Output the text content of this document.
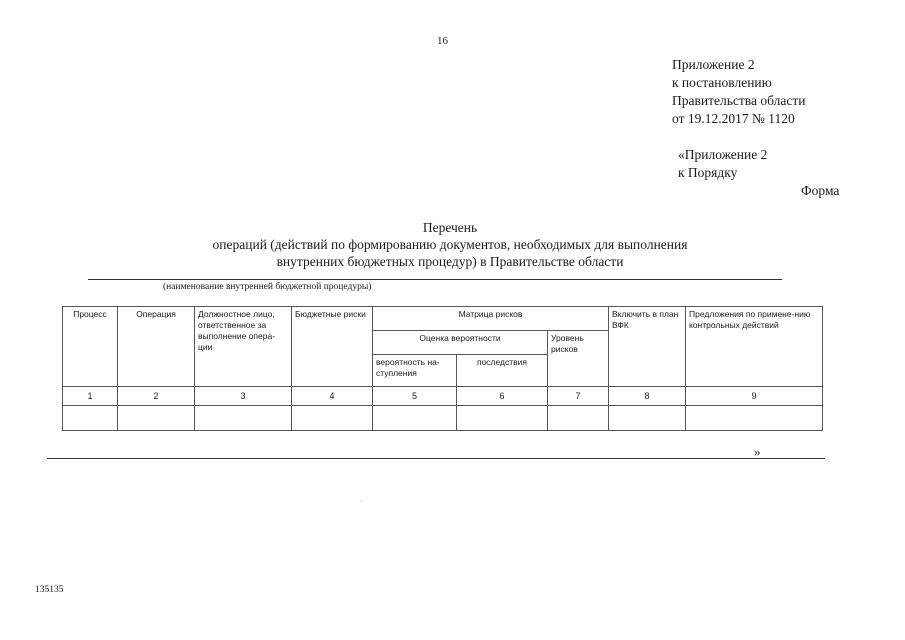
16
Приложение 2
к постановлению
Правительства области
от 19.12.2017 № 1120
«Приложение 2
к Порядку
Форма
Перечень
операций (действий по формированию документов, необходимых для выполнения
внутренних бюджетных процедур) в Правительстве области
(наименование внутренней бюджетной процедуры)
Процесс	Операция	Должностное лицо, ответственное за выполнение опера-ции	Бюджетные риски	Матрица рисков			Включить в план ВФК	Предложения по примене-нию контрольных действий
				Оценка вероятности		Уровень рисков		
				вероятность на-ступления	последствия			
1	2	3	4	5	6	7	8	9

»
·
135135
